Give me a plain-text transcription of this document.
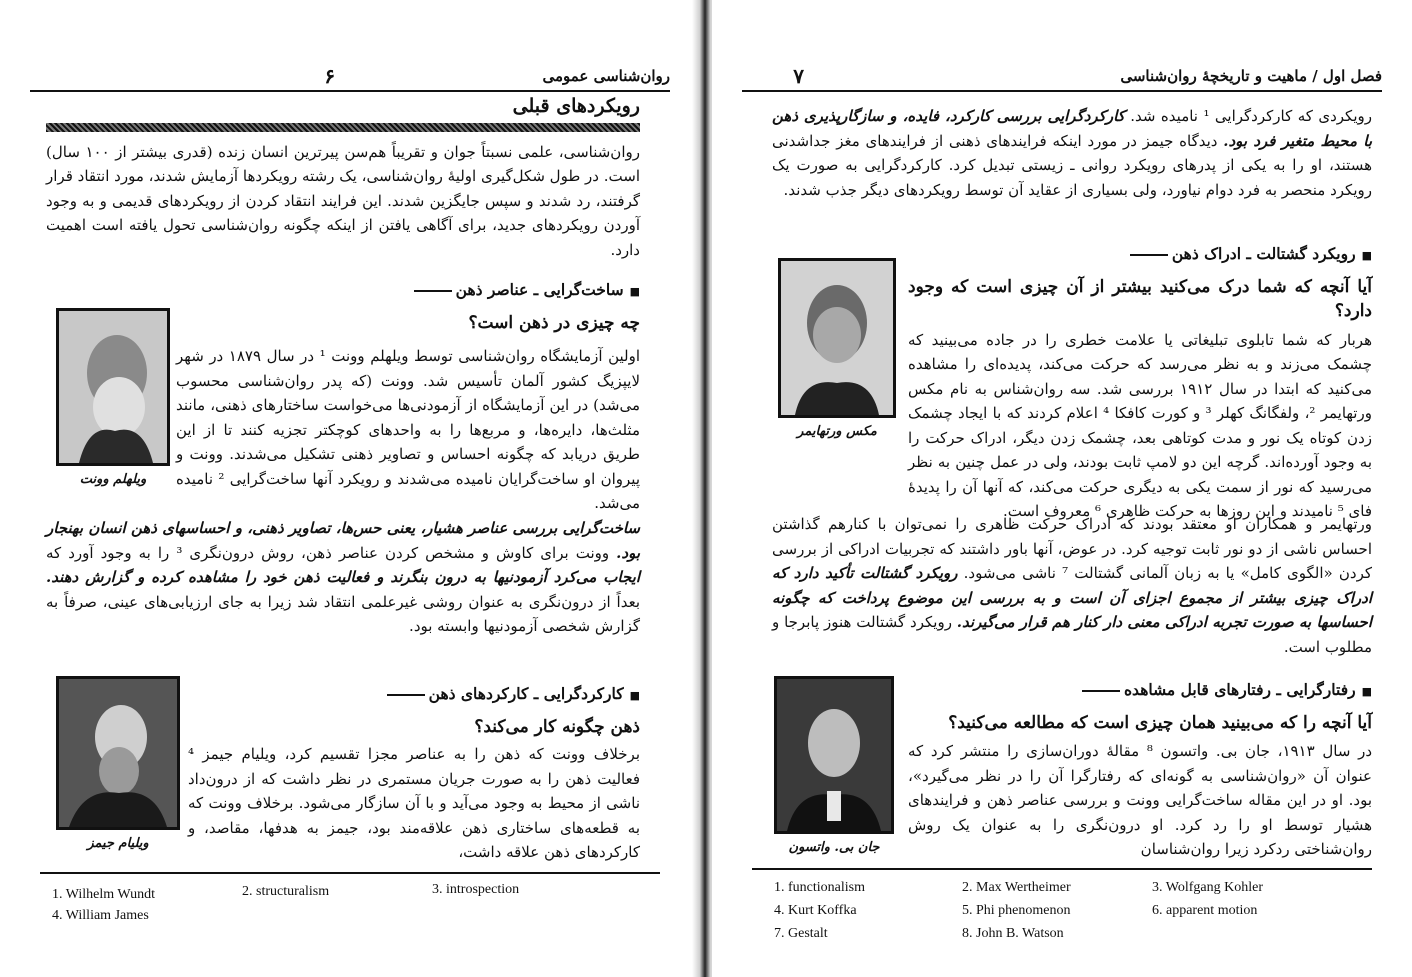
روان‌شناسی عمومی
۶
رویکردهای قبلی

روان‌شناسی، علمی نسبتاً جوان و تقریباً هم‌سن پیرترین انسان زنده (قدری بیشتر از ۱۰۰ سال) است. در طول شکل‌گیری اولیهٔ روان‌شناسی، یک رشته رویکردها آزمایش شدند، مورد انتقاد قرار گرفتند، رد شدند و سپس جایگزین شدند. این فرایند انتقاد کردن از رویکردهای قدیمی و به وجود آوردن رویکردهای جدید، برای آگاهی یافتن از اینکه چگونه روان‌شناسی تحول یافته است اهمیت دارد.

■ ساخت‌گرایی ـ عناصر ذهن
چه چیزی در ذهن است؟

اولین آزمایشگاه روان‌شناسی توسط ویلهلم وونت ¹ در سال ۱۸۷۹ در شهر لایپزیگ کشور آلمان تأسیس شد. وونت (که پدر روان‌شناسی محسوب می‌شد) در این آزمایشگاه از آزمودنی‌ها می‌خواست ساختارهای ذهنی، مانند مثلث‌ها، دایره‌ها، و مربع‌ها را به واحدهای کوچکتر تجزیه کنند تا از این طریق دریابد که چگونه احساس و تصاویر ذهنی تشکیل می‌شدند. وونت و پیروان او ساخت‌گرایان نامیده می‌شدند و رویکرد آنها ساخت‌گرایی ² نامیده می‌شد.

ساخت‌گرایی بررسی عناصر هشیار، یعنی حس‌ها، تصاویر ذهنی، و احساسهای ذهن انسان بهنجار بود. وونت برای کاوش و مشخص کردن عناصر ذهن، روش درون‌نگری ³ را به وجود آورد که ایجاب می‌کرد آزمودنیها به درون بنگرند و فعالیت ذهن خود را مشاهده کرده و گزارش دهند. بعداً از درون‌نگری به عنوان روشی غیرعلمی انتقاد شد زیرا به جای ارزیابی‌های عینی، صرفاً به گزارش شخصی آزمودنیها وابسته بود.

ویلهلم وونت
■ کارکردگرایی ـ کارکردهای ذهن
ذهن چگونه کار می‌کند؟

برخلاف وونت که ذهن را به عناصر مجزا تقسیم کرد، ویلیام جیمز ⁴ فعالیت ذهن را به صورت جریان مستمری در نظر داشت که از درون‌داد ناشی از محیط به وجود می‌آید و با آن سازگار می‌شود. برخلاف وونت که به قطعه‌های ساختاری ذهن علاقه‌مند بود، جیمز به هدفها، مقاصد، و کارکردهای ذهن علاقه داشت،

ویلیام جیمز
1. Wilhelm Wundt	2. structuralism	3. introspection
4. William James
فصل اول / ماهیت و تاریخچهٔ روان‌شناسی
۷

رویکردی که کارکردگرایی ¹ نامیده شد. کارکردگرایی بررسی کارکرد، فایده، و سازگارپذیری ذهن با محیط متغیر فرد بود. دیدگاه جیمز در مورد اینکه فرایندهای ذهنی از فرایندهای مغز جداشدنی هستند، او را به یکی از پدرهای رویکرد روانی ـ زیستی تبدیل کرد. کارکردگرایی به صورت یک رویکرد منحصر به فرد دوام نیاورد، ولی بسیاری از عقاید آن توسط رویکردهای دیگر جذب شدند.

■ رویکرد گشتالت ـ ادراک ذهن
آیا آنچه که شما درک می‌کنید بیشتر از آن چیزی است که وجود دارد؟

هربار که شما تابلوی تبلیغاتی یا علامت خطری را در جاده می‌بینید که چشمک می‌زند و به نظر می‌رسد که حرکت می‌کند، پدیده‌ای را مشاهده می‌کنید که ابتدا در سال ۱۹۱۲ بررسی شد. سه روان‌شناس به نام مکس ورتهایمر ²، ولفگانگ کهلر ³ و کورت کافکا ⁴ اعلام کردند که با ایجاد چشمک زدن کوتاه یک نور و مدت کوتاهی بعد، چشمک زدن دیگر، ادراک حرکت را به وجود آورده‌اند. گرچه این دو لامپ ثابت بودند، ولی در عمل چنین به نظر می‌رسید که نور از سمت یکی به دیگری حرکت می‌کند، که آنها آن را پدیدهٔ فای ⁵ نامیدند و این روزها به حرکت ظاهری ⁶ معروف است.

ورتهایمر و همکاران او معتقد بودند که ادراک حرکت ظاهری را نمی‌توان با کنارهم گذاشتن احساس ناشی از دو نور ثابت توجیه کرد. در عوض، آنها باور داشتند که تجربیات ادراکی از بررسی کردن «الگوی کامل» یا به زبان آلمانی گشتالت ⁷ ناشی می‌شود. رویکرد گشتالت تأکید دارد که ادراک چیزی بیشتر از مجموع اجزای آن است و به بررسی این موضوع پرداخت که چگونه احساسها به صورت تجربه ادراکی معنی دار کنار هم قرار می‌گیرند. رویکرد گشتالت هنوز پابرجا و مطلوب است.

مکس ورتهایمر
■ رفتارگرایی ـ رفتارهای قابل مشاهده
آیا آنچه را که می‌بینید همان چیزی است که مطالعه می‌کنید؟

در سال ۱۹۱۳، جان بی. واتسون ⁸ مقالهٔ دوران‌سازی را منتشر کرد که عنوان آن «روان‌شناسی به گونه‌ای که رفتارگرا آن را در نظر می‌گیرد»، بود. او در این مقاله ساخت‌گرایی وونت و بررسی عناصر ذهن و فرایندهای هشیار توسط او را رد کرد. او درون‌نگری را به عنوان یک روش روان‌شناختی ردکرد زیرا روان‌شناسان

جان بی. واتسون
1. functionalism	2. Max Wertheimer	3. Wolfgang Kohler
4. Kurt Koffka	5. Phi phenomenon	6. apparent motion
7. Gestalt	8. John B. Watson
